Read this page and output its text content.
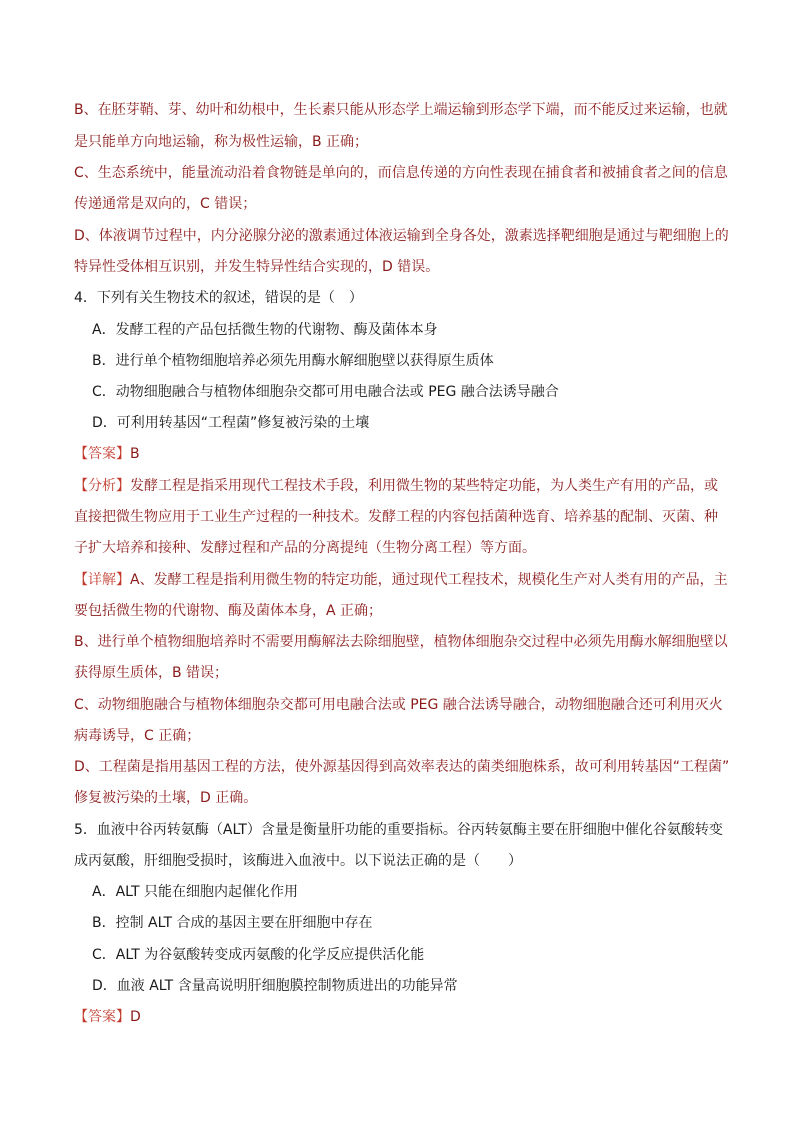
B、在胚芽鞘、芽、幼叶和幼根中，生长素只能从形态学上端运输到形态学下端，而不能反过来运输，也就
是只能单方向地运输，称为极性运输，B 正确；
C、生态系统中，能量流动沿着食物链是单向的，而信息传递的方向性表现在捕食者和被捕食者之间的信息
传递通常是双向的，C 错误；
D、体液调节过程中，内分泌腺分泌的激素通过体液运输到全身各处，激素选择靶细胞是通过与靶细胞上的
特异性受体相互识别，并发生特异性结合实现的，D 错误。
4．下列有关生物技术的叙述，错误的是（　）
A．发酵工程的产品包括微生物的代谢物、酶及菌体本身
B．进行单个植物细胞培养必须先用酶水解细胞壁以获得原生质体
C．动物细胞融合与植物体细胞杂交都可用电融合法或 PEG 融合法诱导融合
D．可利用转基因“工程菌”修复被污染的土壤
【答案】B
【分析】发酵工程是指采用现代工程技术手段，利用微生物的某些特定功能，为人类生产有用的产品，或
直接把微生物应用于工业生产过程的一种技术。发酵工程的内容包括菌种选育、培养基的配制、灭菌、种
子扩大培养和接种、发酵过程和产品的分离提纯（生物分离工程）等方面。
【详解】A、发酵工程是指利用微生物的特定功能，通过现代工程技术，规模化生产对人类有用的产品，主
要包括微生物的代谢物、酶及菌体本身，A 正确；
B、进行单个植物细胞培养时不需要用酶解法去除细胞壁，植物体细胞杂交过程中必须先用酶水解细胞壁以
获得原生质体，B 错误；
C、动物细胞融合与植物体细胞杂交都可用电融合法或 PEG 融合法诱导融合，动物细胞融合还可利用灭火
病毒诱导，C 正确；
D、工程菌是指用基因工程的方法，使外源基因得到高效率表达的菌类细胞株系，故可利用转基因“工程菌”
修复被污染的土壤，D 正确。
5．血液中谷丙转氨酶（ALT）含量是衡量肝功能的重要指标。谷丙转氨酶主要在肝细胞中催化谷氨酸转变
成丙氨酸，肝细胞受损时，该酶进入血液中。以下说法正确的是（　　）
A．ALT 只能在细胞内起催化作用
B．控制 ALT 合成的基因主要在肝细胞中存在
C．ALT 为谷氨酸转变成丙氨酸的化学反应提供活化能
D．血液 ALT 含量高说明肝细胞膜控制物质进出的功能异常
【答案】D
